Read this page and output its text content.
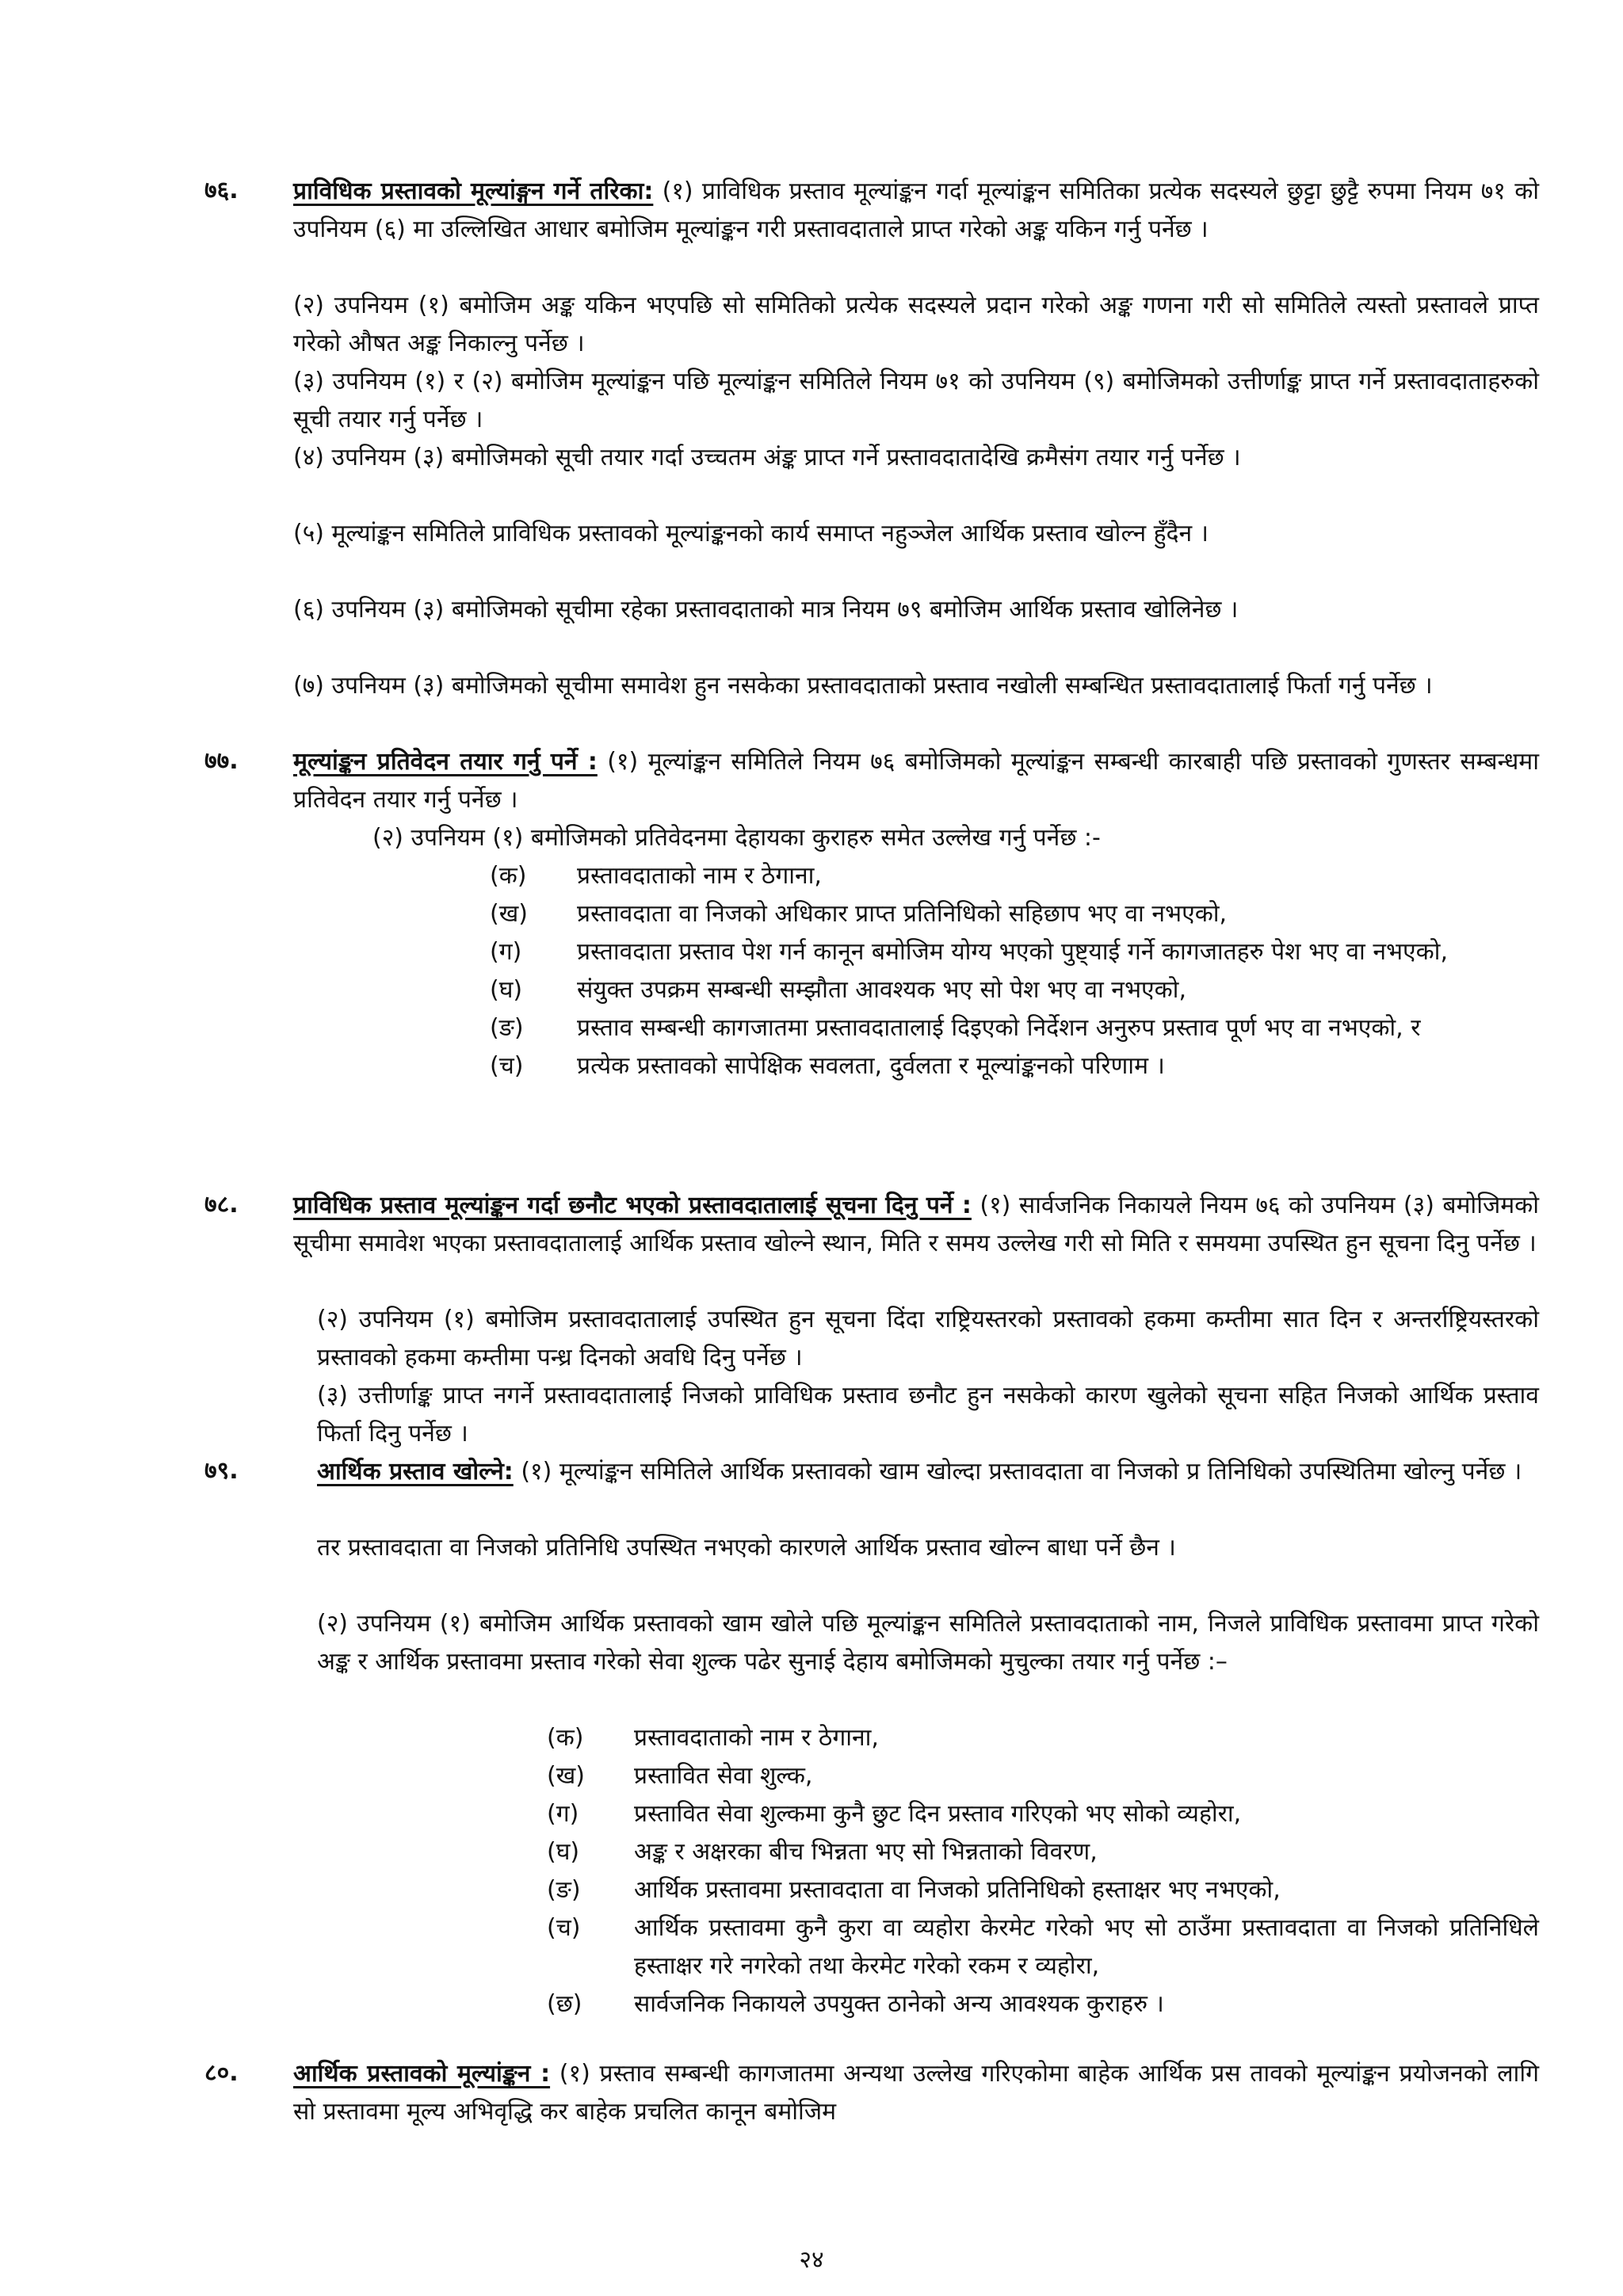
७६. प्राविधिक प्रस्तावको मूल्यांङ्गन गर्ने तरिका: (१) प्राविधिक प्रस्ताव मूल्यांङ्कन गर्दा मूल्यांङ्कन समितिका प्रत्येक सदस्यले छुट्टा छुट्टै रुपमा नियम ७१ को उपनियम (६) मा उल्लिखित आधार बमोजिम मूल्यांङ्कन गरी प्रस्तावदाताले प्राप्त गरेको अङ्क यकिन गर्नु पर्नेछ ।
(२) उपनियम (१) बमोजिम अङ्क यकिन भएपछि सो समितिको प्रत्येक सदस्यले प्रदान गरेको अङ्क गणना गरी सो समितिले त्यस्तो प्रस्तावले प्राप्त गरेको औषत अङ्क निकाल्नु पर्नेछ ।
(३) उपनियम (१) र (२) बमोजिम मूल्यांङ्कन पछि मूल्यांङ्कन समितिले नियम ७१ को उपनियम (९) बमोजिमको उत्तीर्णाङ्क प्राप्त गर्ने प्रस्तावदाताहरुको सूची तयार गर्नु पर्नेछ ।
(४) उपनियम (३) बमोजिमको सूची तयार गर्दा उच्चतम अंङ्क प्राप्त गर्ने प्रस्तावदातादेखि क्रमैसंग तयार गर्नु पर्नेछ ।
(५) मूल्यांङ्कन समितिले प्राविधिक प्रस्तावको मूल्यांङ्कनको कार्य समाप्त नहुञ्जेल आर्थिक प्रस्ताव खोल्न हुँदैन ।
(६) उपनियम (३) बमोजिमको सूचीमा रहेका प्रस्तावदाताको मात्र नियम ७९ बमोजिम आर्थिक प्रस्ताव खोलिनेछ ।
(७) उपनियम (३) बमोजिमको सूचीमा समावेश हुन नसकेका प्रस्तावदाताको प्रस्ताव नखोली सम्बन्धित प्रस्तावदातालाई फिर्ता गर्नु पर्नेछ ।
७७. मूल्यांङ्कन प्रतिवेदन तयार गर्नु पर्ने : (१) मूल्यांङ्कन समितिले नियम ७६ बमोजिमको मूल्यांङ्कन सम्बन्धी कारबाही पछि प्रस्तावको गुणस्तर सम्बन्धमा प्रतिवेदन तयार गर्नु पर्नेछ ।
(२) उपनियम (१) बमोजिमको प्रतिवेदनमा देहायका कुराहरु समेत उल्लेख गर्नु पर्नेछ :-
(क) प्रस्तावदाताको नाम र ठेगाना,
(ख) प्रस्तावदाता वा निजको अधिकार प्राप्त प्रतिनिधिको सहिछाप भए वा नभएको,
(ग) प्रस्तावदाता प्रस्ताव पेश गर्न कानून बमोजिम योग्य भएको पुष्ट्याई गर्ने कागजातहरु पेश भए वा नभएको,
(घ) संयुक्त उपक्रम सम्बन्धी सम्झौता आवश्यक भए सो पेश भए वा नभएको,
(ङ) प्रस्ताव सम्बन्धी कागजातमा प्रस्तावदातालाई दिइएको निर्देशन अनुरुप प्रस्ताव पूर्ण भए वा नभएको, र
(च) प्रत्येक प्रस्तावको सापेक्षिक सवलता, दुर्वलता र मूल्यांङ्कनको परिणाम ।
७८. प्राविधिक प्रस्ताव मूल्यांङ्कन गर्दा छनौट भएको प्रस्तावदातालाई सूचना दिनु पर्ने : (१) सार्वजनिक निकायले नियम ७६ को उपनियम (३) बमोजिमको सूचीमा समावेश भएका प्रस्तावदातालाई आर्थिक प्रस्ताव खोल्ने स्थान, मिति र समय उल्लेख गरी सो मिति र समयमा उपस्थित हुन सूचना दिनु पर्नेछ ।
(२) उपनियम (१) बमोजिम प्रस्तावदातालाई उपस्थित हुन सूचना दिंदा राष्ट्रियस्तरको प्रस्तावको हकमा कम्तीमा सात दिन र अन्तर्राष्ट्रियस्तरको प्रस्तावको हकमा कम्तीमा पन्ध्र दिनको अवधि दिनु पर्नेछ ।
(३) उत्तीर्णाङ्क प्राप्त नगर्ने प्रस्तावदातालाई निजको प्राविधिक प्रस्ताव छनौट हुन नसकेको कारण खुलेको सूचना सहित निजको आर्थिक प्रस्ताव फिर्ता दिनु पर्नेछ ।
७९.	आर्थिक प्रस्ताव खोल्ने: (१) मूल्यांङ्कन समितिले आर्थिक प्रस्तावको खाम खोल्दा प्रस्तावदाता वा निजको प्र तिनिधिको उपस्थितिमा खोल्नु पर्नेछ ।
तर प्रस्तावदाता वा निजको प्रतिनिधि उपस्थित नभएको कारणले आर्थिक प्रस्ताव खोल्न बाधा पर्ने छैन ।
(२) उपनियम (१) बमोजिम आर्थिक प्रस्तावको खाम खोले पछि मूल्यांङ्कन समितिले प्रस्तावदाताको नाम, निजले प्राविधिक प्रस्तावमा प्राप्त गरेको अङ्क र आर्थिक प्रस्तावमा प्रस्ताव गरेको सेवा शुल्क पढेर सुनाई देहाय बमोजिमको मुचुल्का तयार गर्नु पर्नेछ :–
(क) प्रस्तावदाताको नाम र ठेगाना,
(ख) प्रस्तावित सेवा शुल्क,
(ग) प्रस्तावित सेवा शुल्कमा कुनै छुट दिन प्रस्ताव गरिएको भए सोको व्यहोरा,
(घ) अङ्क र अक्षरका बीच भिन्नता भए सो भिन्नताको विवरण,
(ङ) आर्थिक प्रस्तावमा प्रस्तावदाता वा निजको प्रतिनिधिको हस्ताक्षर भए नभएको,
(च) आर्थिक प्रस्तावमा कुनै कुरा वा व्यहोरा केरमेट गरेको भए सो ठाउँमा प्रस्तावदाता वा निजको प्रतिनिधिले हस्ताक्षर गरे नगरेको तथा केरमेट गरेको रकम र व्यहोरा,
(छ) सार्वजनिक निकायले उपयुक्त ठानेको अन्य आवश्यक कुराहरु ।
८०. आर्थिक प्रस्तावको मूल्यांङ्कन : (१) प्रस्ताव सम्बन्धी कागजातमा अन्यथा उल्लेख गरिएकोमा बाहेक आर्थिक प्रस तावको मूल्यांङ्कन प्रयोजनको लागि सो प्रस्तावमा मूल्य अभिवृद्धि कर बाहेक प्रचलित कानून बमोजिम
२४
